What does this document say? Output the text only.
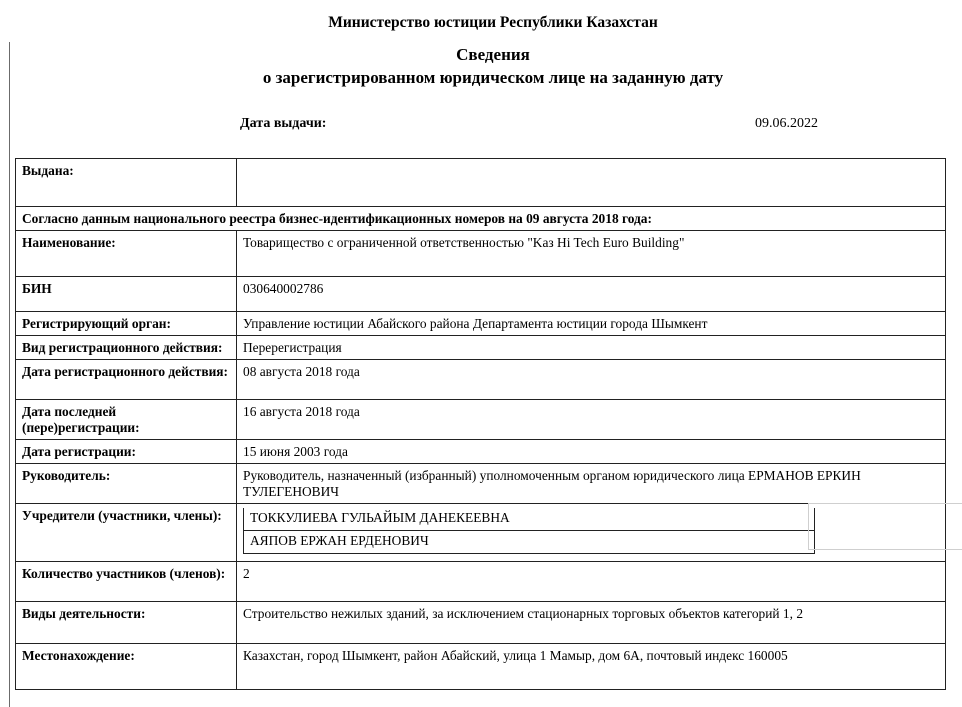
Министерство юстиции Республики Казахстан
Сведения
о зарегистрированном юридическом лице на заданную дату
Дата выдачи:	09.06.2022
Выдана:	
Согласно данным национального реестра бизнес-идентификационных номеров на 09 августа 2018 года:
Наименование:	Товарищество с ограниченной ответственностью "Kaз Hi Tech Euro Building"
БИН	030640002786
Регистрирующий орган:	Управление юстиции Абайского района Департамента юстиции города Шымкент
Вид регистрационного действия:	Перерегистрация
Дата регистрационного действия:	08 августа 2018 года
Дата последней (пере)регистрации:	16 августа 2018 года
Дата регистрации:	15 июня 2003 года
Руководитель:	Руководитель, назначенный (избранный) уполномоченным органом юридического лица ЕРМАНОВ ЕРКИН ТУЛЕГЕНОВИЧ
Учредители (участники, члены):	ТОККУЛИЕВА ГУЛЬАЙЫМ ДАНЕКЕЕВНА
АЯПОВ ЕРЖАН ЕРДЕНОВИЧ

Количество участников (членов):	2
Виды деятельности:	Строительство нежилых зданий, за исключением стационарных торговых объектов категорий 1, 2
Местонахождение:	Казахстан, город Шымкент, район Абайский, улица 1 Мамыр, дом 6А, почтовый индекс 160005
